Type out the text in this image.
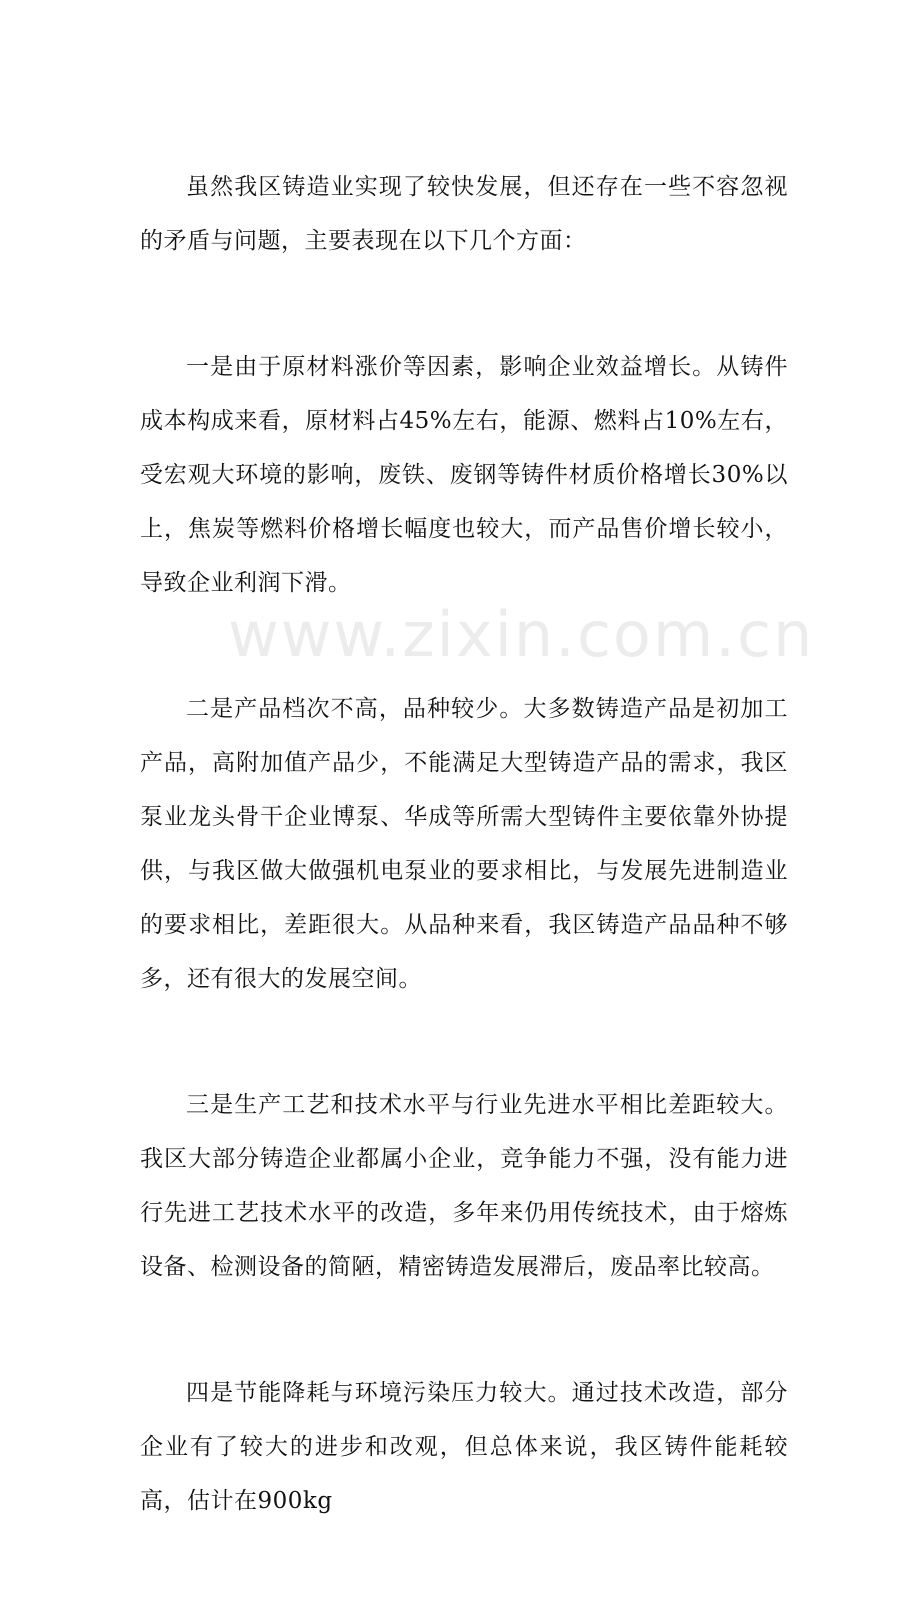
www.zixin.com.cn

虽然我区铸造业实现了较快发展，但还存在一些不容忽视的矛盾与问题，主要表现在以下几个方面：

一是由于原材料涨价等因素，影响企业效益增长。从铸件成本构成来看，原材料占45%左右，能源、燃料占10%左右，受宏观大环境的影响，废铁、废钢等铸件材质价格增长30%以上，焦炭等燃料价格增长幅度也较大，而产品售价增长较小，导致企业利润下滑。

二是产品档次不高，品种较少。大多数铸造产品是初加工产品，高附加值产品少，不能满足大型铸造产品的需求，我区泵业龙头骨干企业博泵、华成等所需大型铸件主要依靠外协提供，与我区做大做强机电泵业的要求相比，与发展先进制造业的要求相比，差距很大。从品种来看，我区铸造产品品种不够多，还有很大的发展空间。

三是生产工艺和技术水平与行业先进水平相比差距较大。我区大部分铸造企业都属小企业，竞争能力不强，没有能力进行先进工艺技术水平的改造，多年来仍用传统技术，由于熔炼设备、检测设备的简陋，精密铸造发展滞后，废品率比较高。

四是节能降耗与环境污染压力较大。通过技术改造，部分企业有了较大的进步和改观，但总体来说，我区铸件能耗较高，估计在900kg
